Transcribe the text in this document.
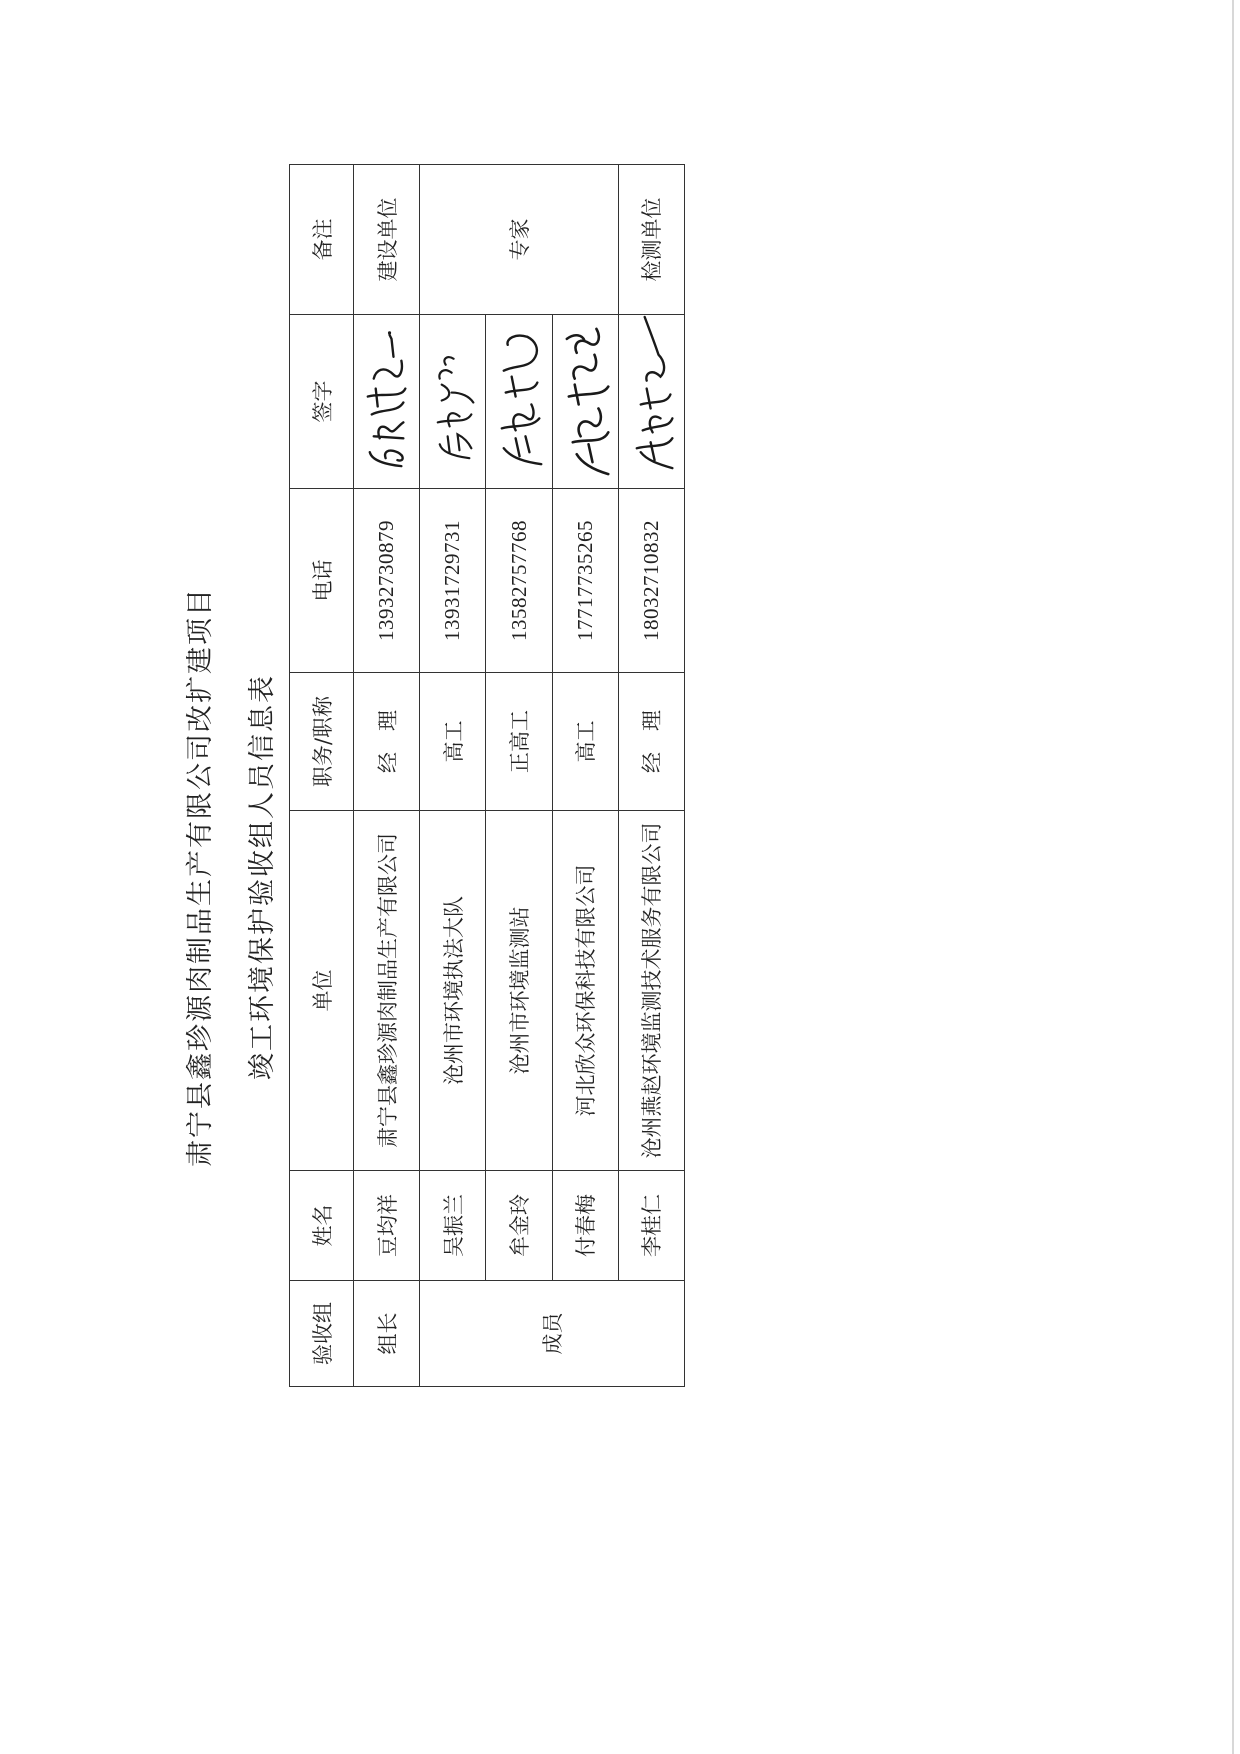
肃宁县鑫珍源肉制品生产有限公司改扩建项目 竣工环境保护验收组人员信息表
验收组	姓名	单位	职务/职称	电话	签字	备注
组长	豆均祥	肃宁县鑫珍源肉制品生产有限公司	经　理	13932730879		建设单位
成员	吴振兰	沧州市环境执法大队	高工	13931729731		专家
	牟金玲	沧州市环境监测站	正高工	13582757768	

	付春梅	河北欣众环保科技有限公司	高工	17717735265	

	李桂仁	沧州燕赵环境监测技术服务有限公司	经　理	18032710832		检测单位
